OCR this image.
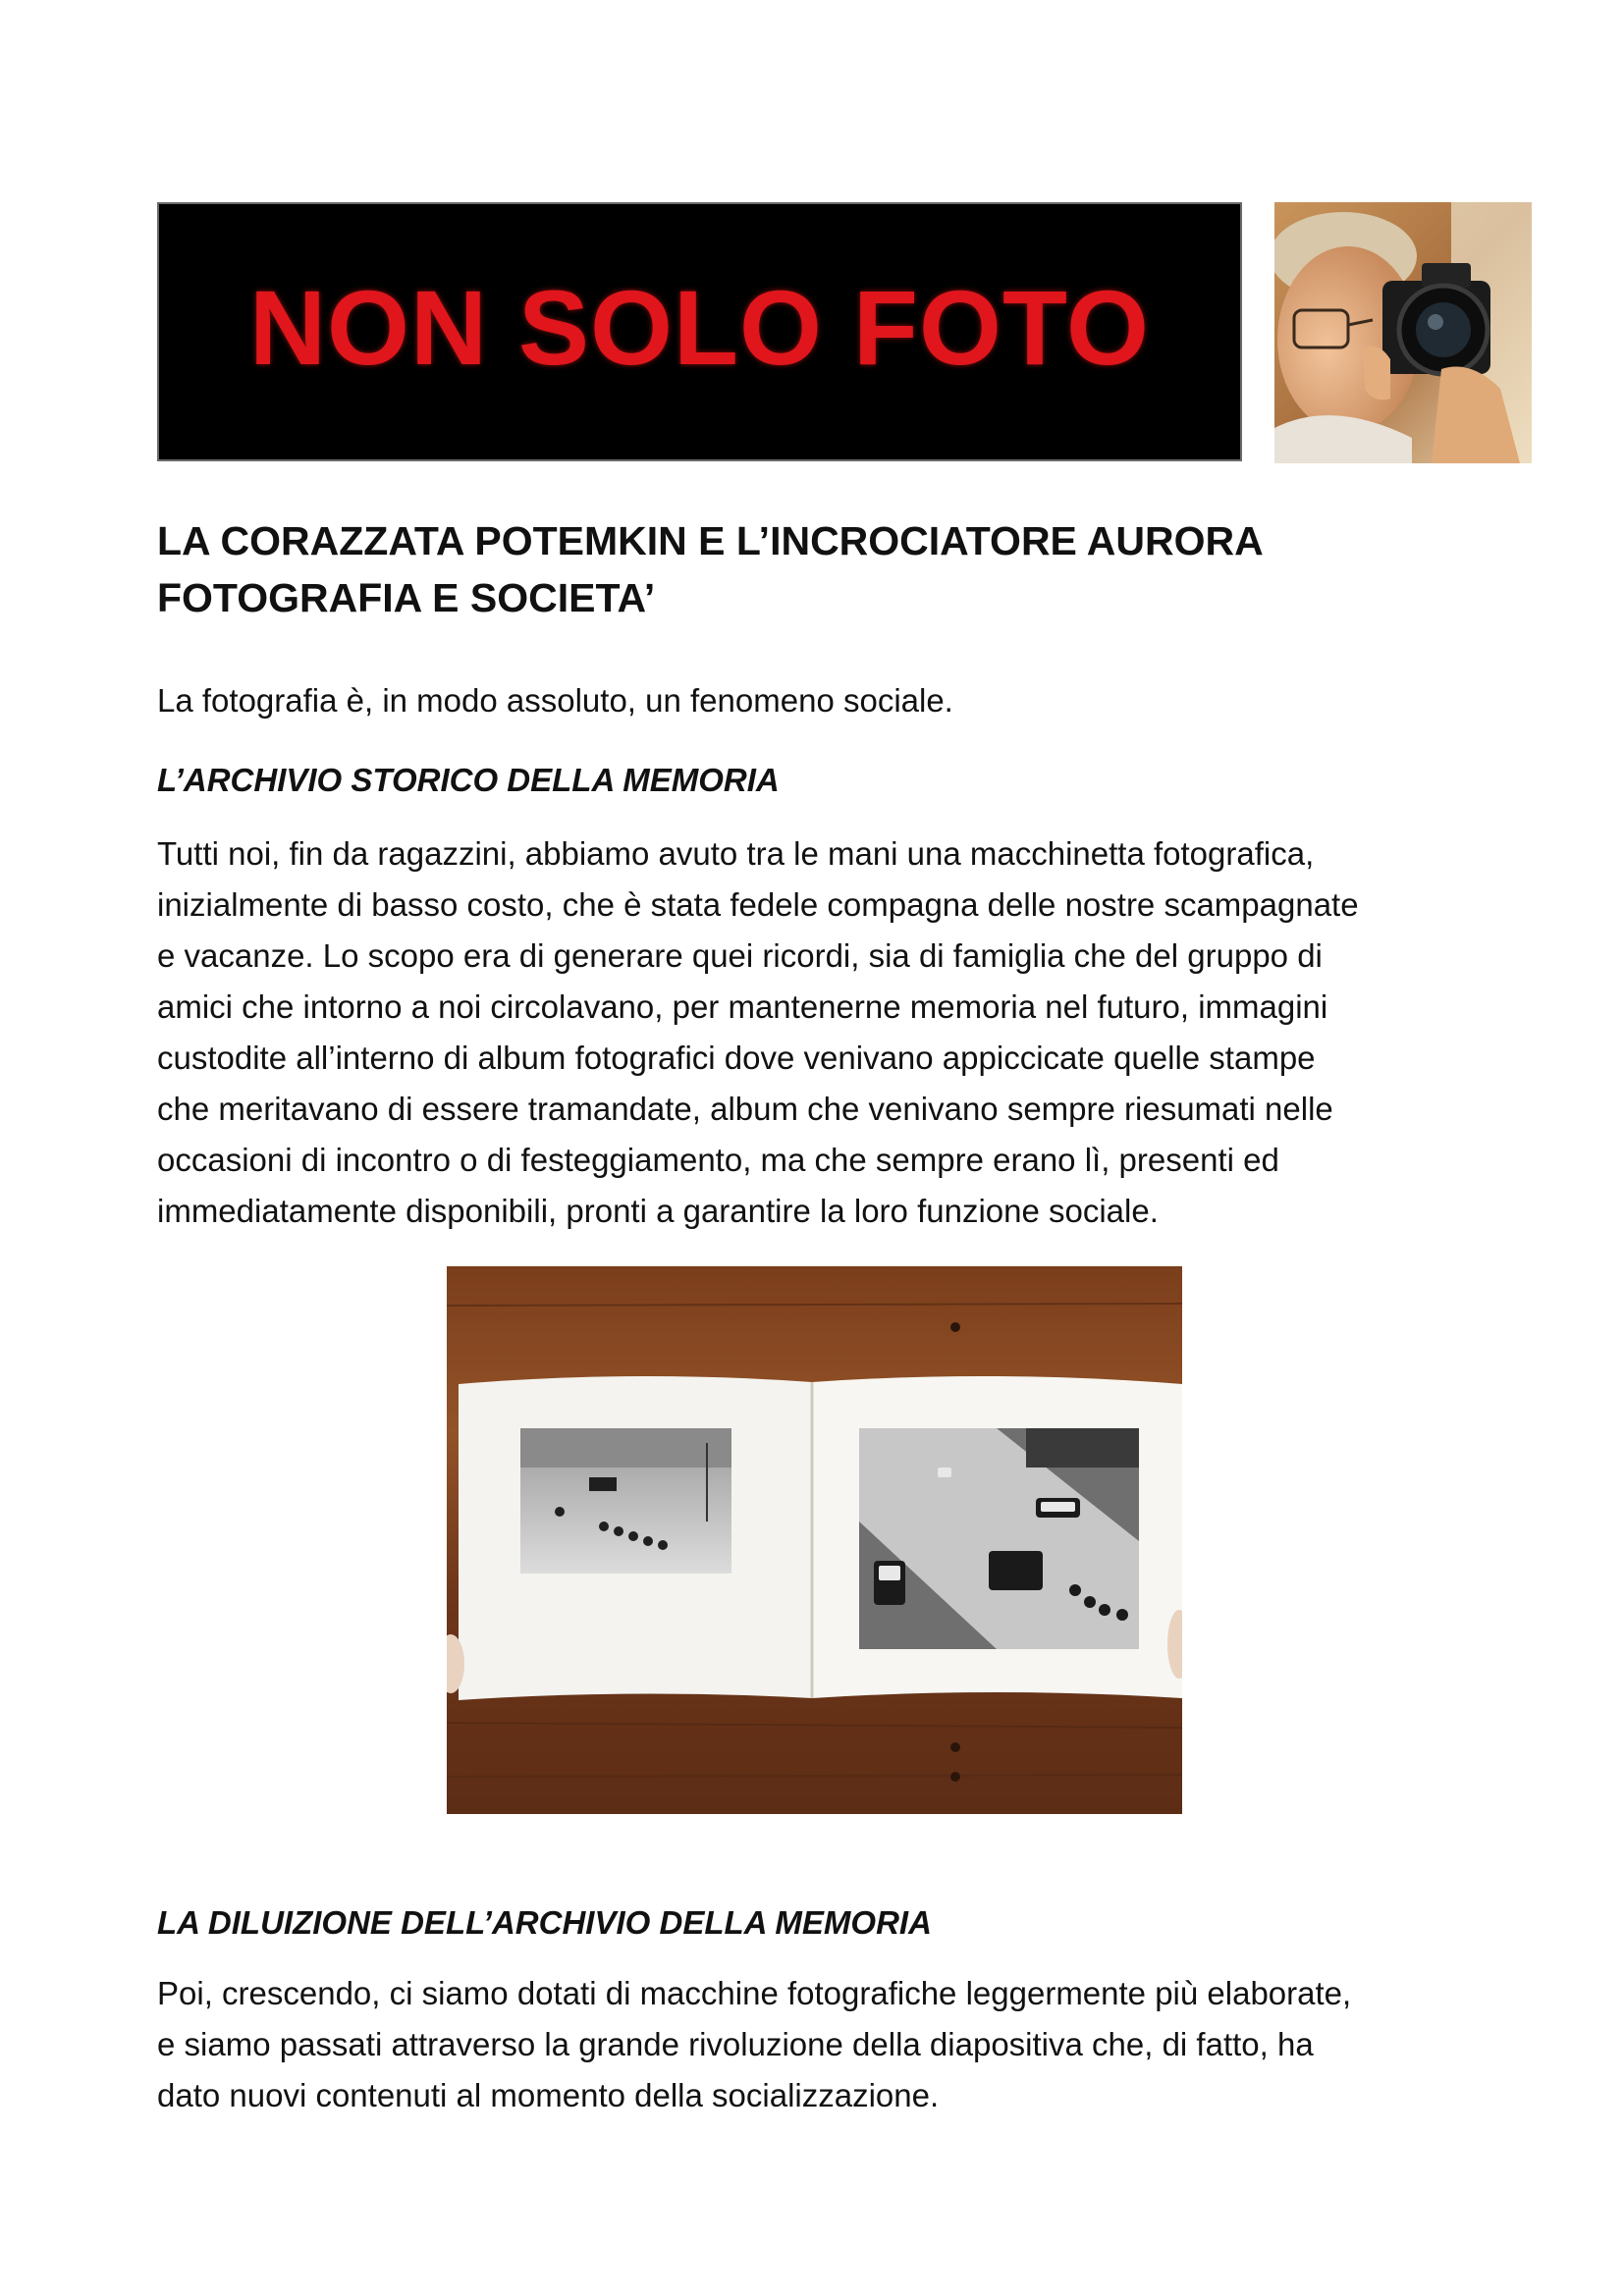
NON SOLO FOTO
LA CORAZZATA POTEMKIN E L’INCROCIATORE AURORA
FOTOGRAFIA E SOCIETA’
La fotografia è, in modo assoluto, un fenomeno sociale.
L’ARCHIVIO STORICO DELLA MEMORIA
Tutti noi, fin da ragazzini, abbiamo avuto tra le mani una macchinetta fotografica,
inizialmente di basso costo, che è stata fedele compagna delle nostre scampagnate
e vacanze. Lo scopo era di generare quei ricordi, sia di famiglia che del gruppo di
amici che intorno a noi circolavano, per mantenerne memoria nel futuro, immagini
custodite all’interno di album fotografici dove venivano appiccicate quelle stampe
che meritavano di essere tramandate, album che venivano sempre riesumati nelle
occasioni di incontro o di festeggiamento, ma che sempre erano lì, presenti ed
immediatamente disponibili, pronti a garantire la loro funzione sociale.
LA DILUIZIONE DELL’ARCHIVIO DELLA MEMORIA
Poi, crescendo, ci siamo dotati di macchine fotografiche leggermente più elaborate,
e siamo passati attraverso la grande rivoluzione della diapositiva che, di fatto, ha
dato nuovi contenuti al momento della socializzazione.
